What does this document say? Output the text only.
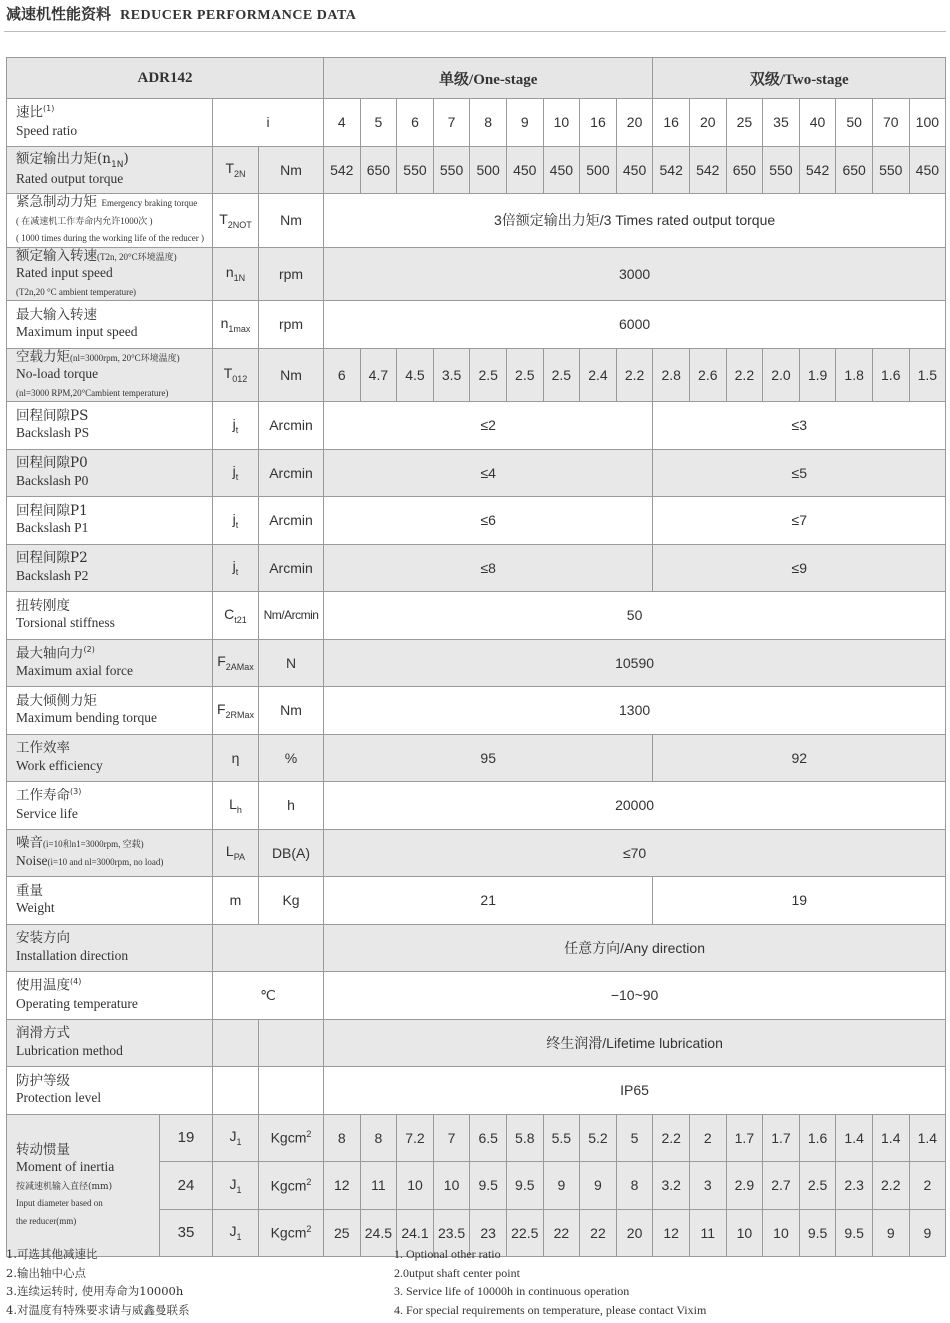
减速机性能资料 REDUCER PERFORMANCE DATA
ADR142				单级/One-stage									双级/Two-stage							
速比$^{(1)}$
Speed ratio		i		4	5	6	7	8	9	10	16	20	16	20	25	35	40	50	70	100
额定输出力矩$(n_{1N})$
Rated output torque		$T_{2N}$	Nm	542	650	550	550	500	450	450	500	450	542	542	650	550	542	650	550	450
紧急制动力矩 Emergency braking torque
( 在减速机工作寿命内允许1000次 )
( 1000 times during the working life of the reducer )		$T_{2NOT}$	Nm	3倍额定输出力矩/3 Times rated output torque																
额定输入转速(T2n, 20°C环境温度)
Rated input speed
(T2n,20 °C ambient temperature)		$n_{1N}$	rpm	3000																
最大输入转速
Maximum input speed		$n_{1max}$	rpm	6000																
空载力矩(nl=3000rpm, 20°C环境温度)
No-load torque
(nl=3000 RPM,20°Cambient temperature)		$T_{012}$	Nm	6	4.7	4.5	3.5	2.5	2.5	2.5	2.4	2.2	2.8	2.6	2.2	2.0	1.9	1.8	1.6	1.5
回程间隙PS
Backslash PS		$j_t$	Arcmin	≤2									≤3							
回程间隙P0
Backslash P0		$j_t$	Arcmin	≤4									≤5							
回程间隙P1
Backslash P1		$j_t$	Arcmin	≤6									≤7							
回程间隙P2
Backslash P2		$j_t$	Arcmin	≤8									≤9							
扭转刚度
Torsional stiffness		$C_{t21}$	Nm/Arcmin	50																
最大轴向力$^{(2)}$
Maximum axial force		$F_{2AMax}$	N	10590																
最大倾侧力矩
Maximum bending torque		$F_{2RMax}$	Nm	1300																
工作效率
Work efficiency		η	%	95									92							
工作寿命$^{(3)}$
Service life		$L_h$	h	20000																
噪音(i=10和n1=3000rpm, 空载)
Noise(i=10 and nl=3000rpm, no load)		$L_{PA}$	DB(A)	≤70																
重量
Weight		m	Kg	21									19							
安装方向
Installation direction				任意方向/Any direction																
使用温度$^{(4)}$
Operating temperature		℃		−10~90																
润滑方式
Lubrication method				终生润滑/Lifetime lubrication																
防护等级
Protection level				IP65																
转动惯量
Moment of inertia
按减速机输入直径(mm)
Input diameter based on
the reducer(mm)	19	$J_1$	Kgcm$^2$	8	8	7.2	7	6.5	5.8	5.5	5.2	5	2.2	2	1.7	1.7	1.6	1.4	1.4	1.4
	24	$J_1$	Kgcm$^2$	12	11	10	10	9.5	9.5	9	9	8	3.2	3	2.9	2.7	2.5	2.3	2.2	2
	35	$J_1$	Kgcm$^2$	25	24.5	24.1	23.5	23	22.5	22	22	20	12	11	10	10	9.5	9.5	9	9
1.可选其他减速比
2.输出轴中心点
3.连续运转时, 使用寿命为10000h
4.对温度有特殊要求请与威鑫曼联系
1. Optional other ratio
2.0utput shaft center point
3. Service life of 10000h in continuous operation
4. For special requirements on temperature, please contact Vixim
